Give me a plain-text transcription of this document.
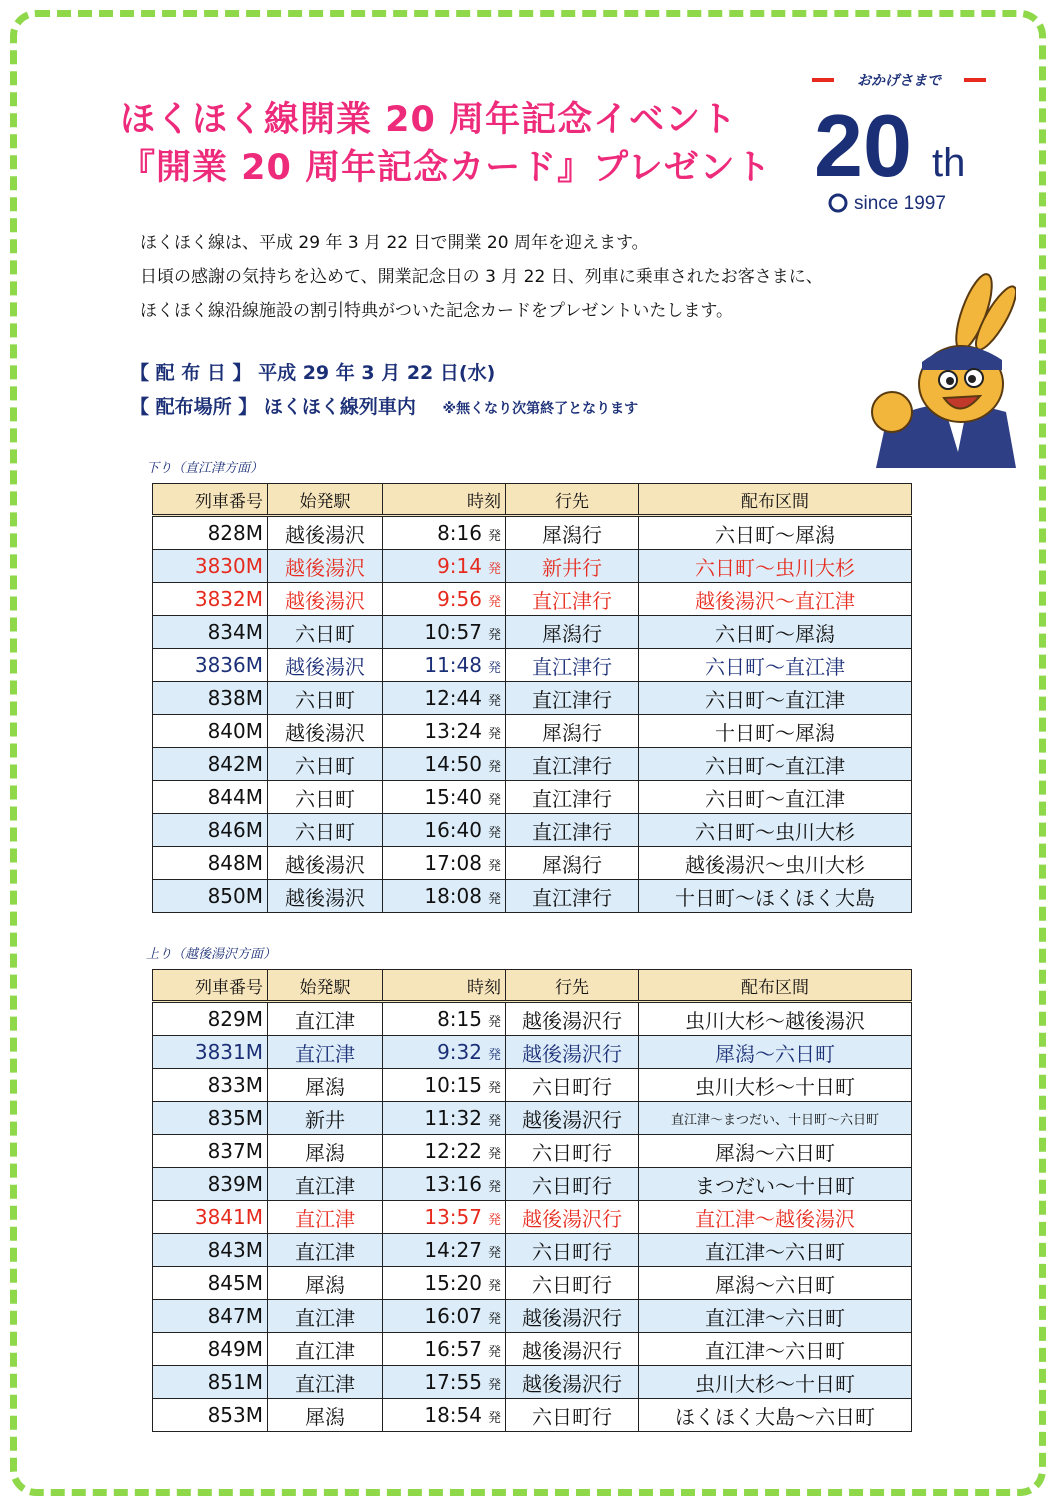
ほくほく線開業 20 周年記念イベント
『開業 20 周年記念カード』プレゼント
おかげさまで
20 th
since 1997
ほくほく線は、平成 29 年 3 月 22 日で開業 20 周年を迎えます。
日頃の感謝の気持ちを込めて、開業記念日の 3 月 22 日、列車に乗車されたお客さまに、
ほくほく線沿線施設の割引特典がついた記念カードをプレゼントいたします。
【 配 布 日 】 平成 29 年 3 月 22 日(水)
【 配布場所 】 ほくほく線列車内 ※無くなり次第終了となります
下り（直江津方面）
列車番号	始発駅	時刻	行先	配布区間
828M	越後湯沢	8:16 発	犀潟行	六日町～犀潟
3830M	越後湯沢	9:14 発	新井行	六日町～虫川大杉
3832M	越後湯沢	9:56 発	直江津行	越後湯沢～直江津
834M	六日町	10:57 発	犀潟行	六日町～犀潟
3836M	越後湯沢	11:48 発	直江津行	六日町～直江津
838M	六日町	12:44 発	直江津行	六日町～直江津
840M	越後湯沢	13:24 発	犀潟行	十日町～犀潟
842M	六日町	14:50 発	直江津行	六日町～直江津
844M	六日町	15:40 発	直江津行	六日町～直江津
846M	六日町	16:40 発	直江津行	六日町～虫川大杉
848M	越後湯沢	17:08 発	犀潟行	越後湯沢～虫川大杉
850M	越後湯沢	18:08 発	直江津行	十日町～ほくほく大島
上り（越後湯沢方面）
列車番号	始発駅	時刻	行先	配布区間
829M	直江津	8:15 発	越後湯沢行	虫川大杉～越後湯沢
3831M	直江津	9:32 発	越後湯沢行	犀潟～六日町
833M	犀潟	10:15 発	六日町行	虫川大杉～十日町
835M	新井	11:32 発	越後湯沢行	直江津～まつだい、十日町～六日町
837M	犀潟	12:22 発	六日町行	犀潟～六日町
839M	直江津	13:16 発	六日町行	まつだい～十日町
3841M	直江津	13:57 発	越後湯沢行	直江津～越後湯沢
843M	直江津	14:27 発	六日町行	直江津～六日町
845M	犀潟	15:20 発	六日町行	犀潟～六日町
847M	直江津	16:07 発	越後湯沢行	直江津～六日町
849M	直江津	16:57 発	越後湯沢行	直江津～六日町
851M	直江津	17:55 発	越後湯沢行	虫川大杉～十日町
853M	犀潟	18:54 発	六日町行	ほくほく大島～六日町
